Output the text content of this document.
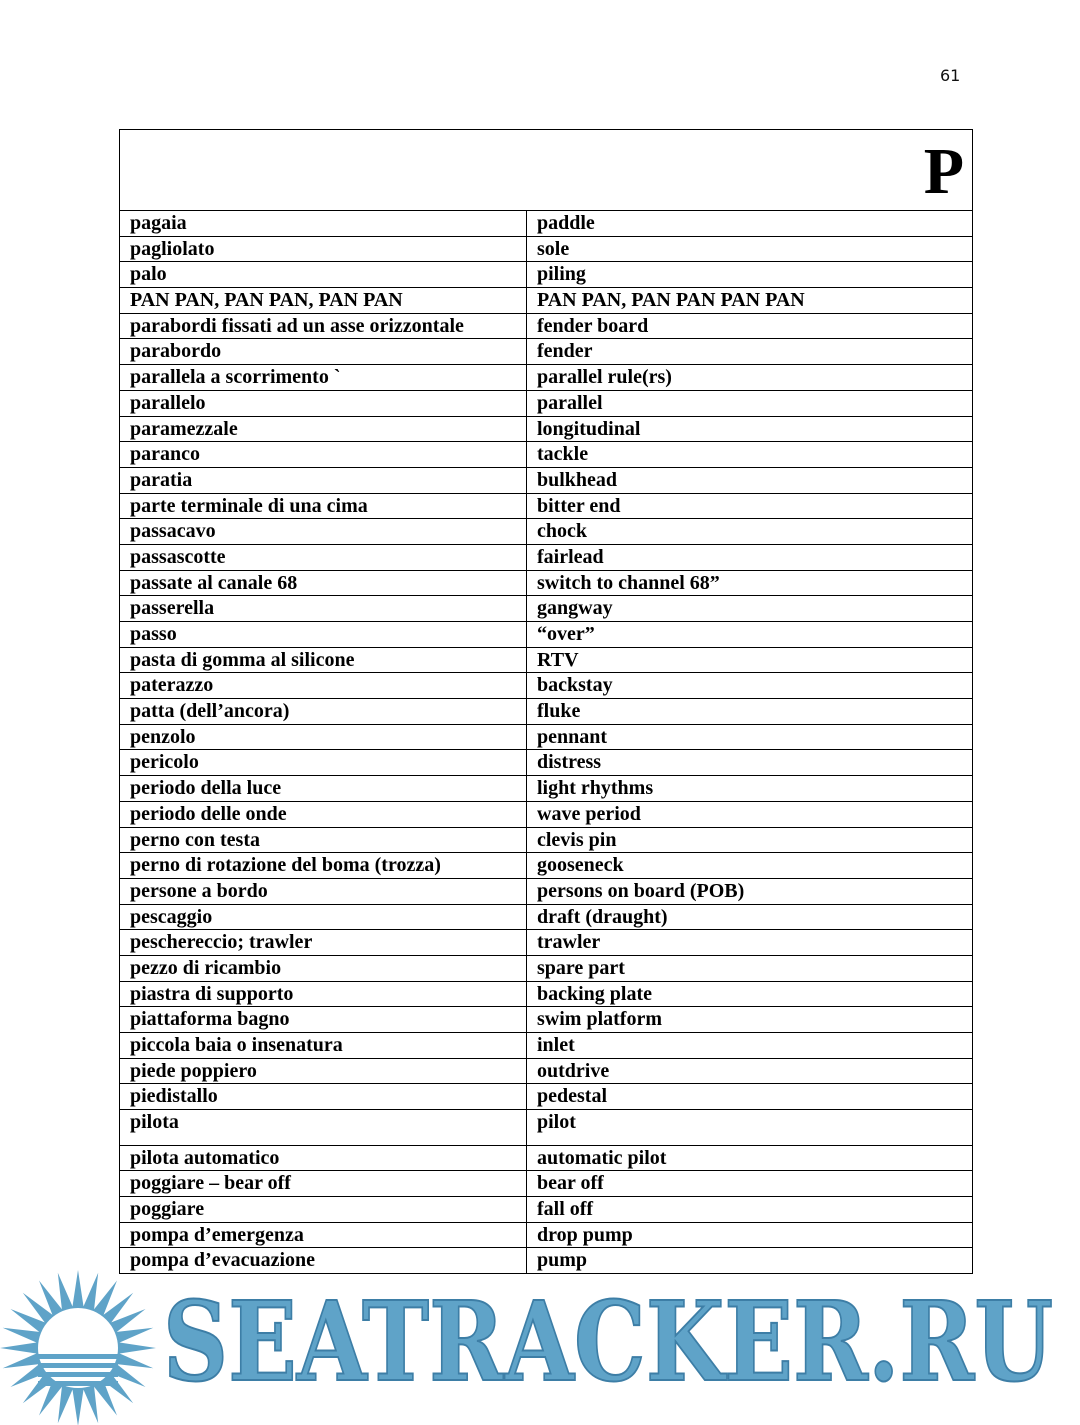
61
P	
pagaia	paddle
pagliolato	sole
palo	piling
PAN PAN, PAN PAN, PAN PAN	PAN PAN, PAN PAN PAN PAN
parabordi fissati ad un asse orizzontale	fender board
parabordo	fender
parallela a scorrimento `	parallel rule(rs)
parallelo	parallel
paramezzale	longitudinal
paranco	tackle
paratia	bulkhead
parte terminale di una cima	bitter end
passacavo	chock
passascotte	fairlead
passate al canale 68	switch to channel 68”
passerella	gangway
passo	“over”
pasta di gomma al silicone	RTV
paterazzo	backstay
patta (dell’ancora)	fluke
penzolo	pennant
pericolo	distress
periodo della luce	light rhythms
periodo delle onde	wave period
perno con testa	clevis pin
perno di rotazione del boma (trozza)	gooseneck
persone a bordo	persons on board (POB)
pescaggio	draft (draught)
peschereccio; trawler	trawler
pezzo di ricambio	spare part
piastra di supporto	backing plate
piattaforma bagno	swim platform
piccola baia o insenatura	inlet
piede poppiero	outdrive
piedistallo	pedestal
pilota	pilot
pilota automatico	automatic pilot
poggiare – bear off	bear off
poggiare	fall off
pompa d’emergenza	drop pump
pompa d’evacuazione	pump
SEATRACKER.RU
